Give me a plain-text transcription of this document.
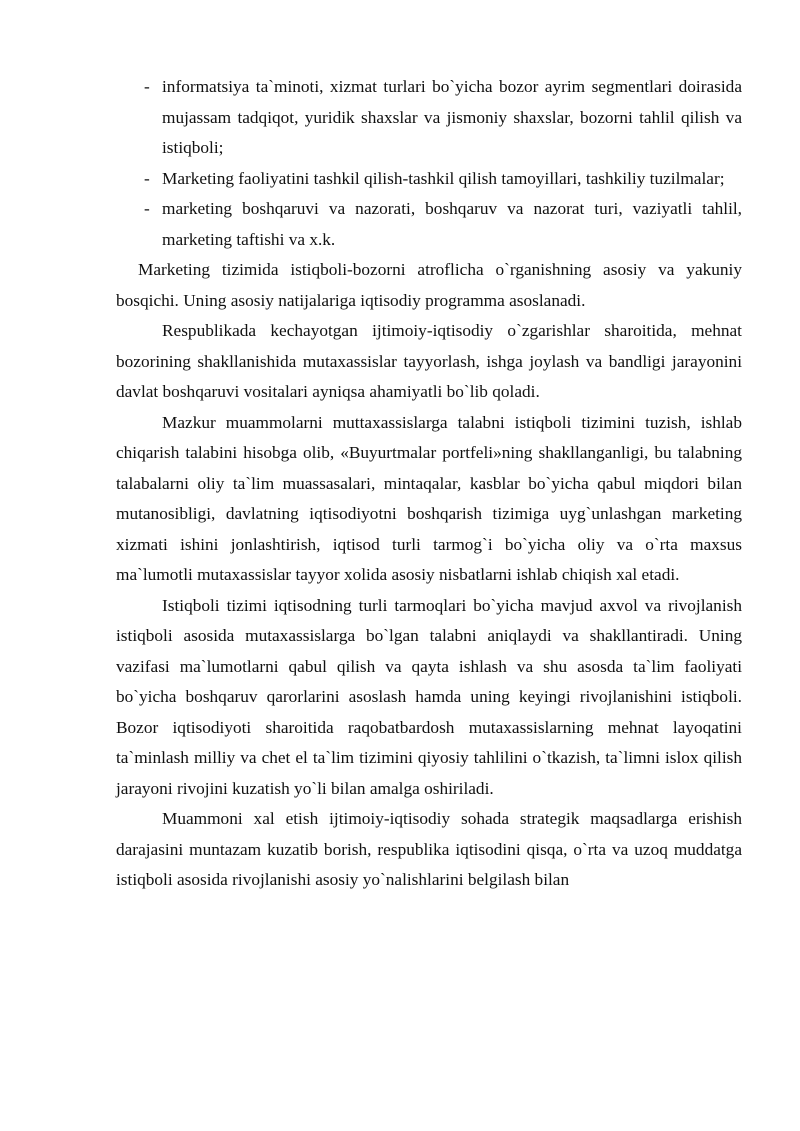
- informatsiya ta`minoti, xizmat turlari bo`yicha bozor ayrim segmentlari doirasida mujassam tadqiqot, yuridik shaxslar va jismoniy shaxslar, bozorni tahlil qilish va istiqboli;
- Marketing faoliyatini tashkil qilish-tashkil qilish tamoyillari, tashkiliy tuzilmalar;
- marketing boshqaruvi va nazorati, boshqaruv va nazorat turi, vaziyatli tahlil, marketing taftishi va x.k.

Marketing tizimida istiqboli-bozorni atroflicha o`rganishning asosiy va yakuniy bosqichi. Uning asosiy natijalariga iqtisodiy programma asoslanadi.

Respublikada kechayotgan ijtimoiy-iqtisodiy o`zgarishlar sharoitida, mehnat bozorining shakllanishida mutaxassislar tayyorlash, ishga joylash va bandligi jarayonini davlat boshqaruvi vositalari ayniqsa ahamiyatli bo`lib qoladi.

Mazkur muammolarni muttaxassislarga talabni istiqboli tizimini tuzish, ishlab chiqarish talabini hisobga olib, «Buyurtmalar portfeli»ning shakllanganligi, bu talabning talabalarni oliy ta`lim muassasalari, mintaqalar, kasblar bo`yicha qabul miqdori bilan mutanosibligi, davlatning iqtisodiyotni boshqarish tizimiga uyg`unlashgan marketing xizmati ishini jonlashtirish, iqtisod turli tarmog`i bo`yicha oliy va o`rta maxsus ma`lumotli mutaxassislar tayyor xolida asosiy nisbatlarni ishlab chiqish xal etadi.

Istiqboli tizimi iqtisodning turli tarmoqlari bo`yicha mavjud axvol va rivojlanish istiqboli asosida mutaxassislarga bo`lgan talabni aniqlaydi va shakllantiradi. Uning vazifasi ma`lumotlarni qabul qilish va qayta ishlash va shu asosda ta`lim faoliyati bo`yicha boshqaruv qarorlarini asoslash hamda uning keyingi rivojlanishini istiqboli. Bozor iqtisodiyoti sharoitida raqobatbardosh mutaxassislarning mehnat layoqatini ta`minlash milliy va chet el ta`lim tizimini qiyosiy tahlilini o`tkazish, ta`limni islox qilish jarayoni rivojini kuzatish yo`li bilan amalga oshiriladi.

Muammoni xal etish ijtimoiy-iqtisodiy sohada strategik maqsadlarga erishish darajasini muntazam kuzatib borish, respublika iqtisodini qisqa, o`rta va uzoq muddatga istiqboli asosida rivojlanishi asosiy yo`nalishlarini belgilash bilan
